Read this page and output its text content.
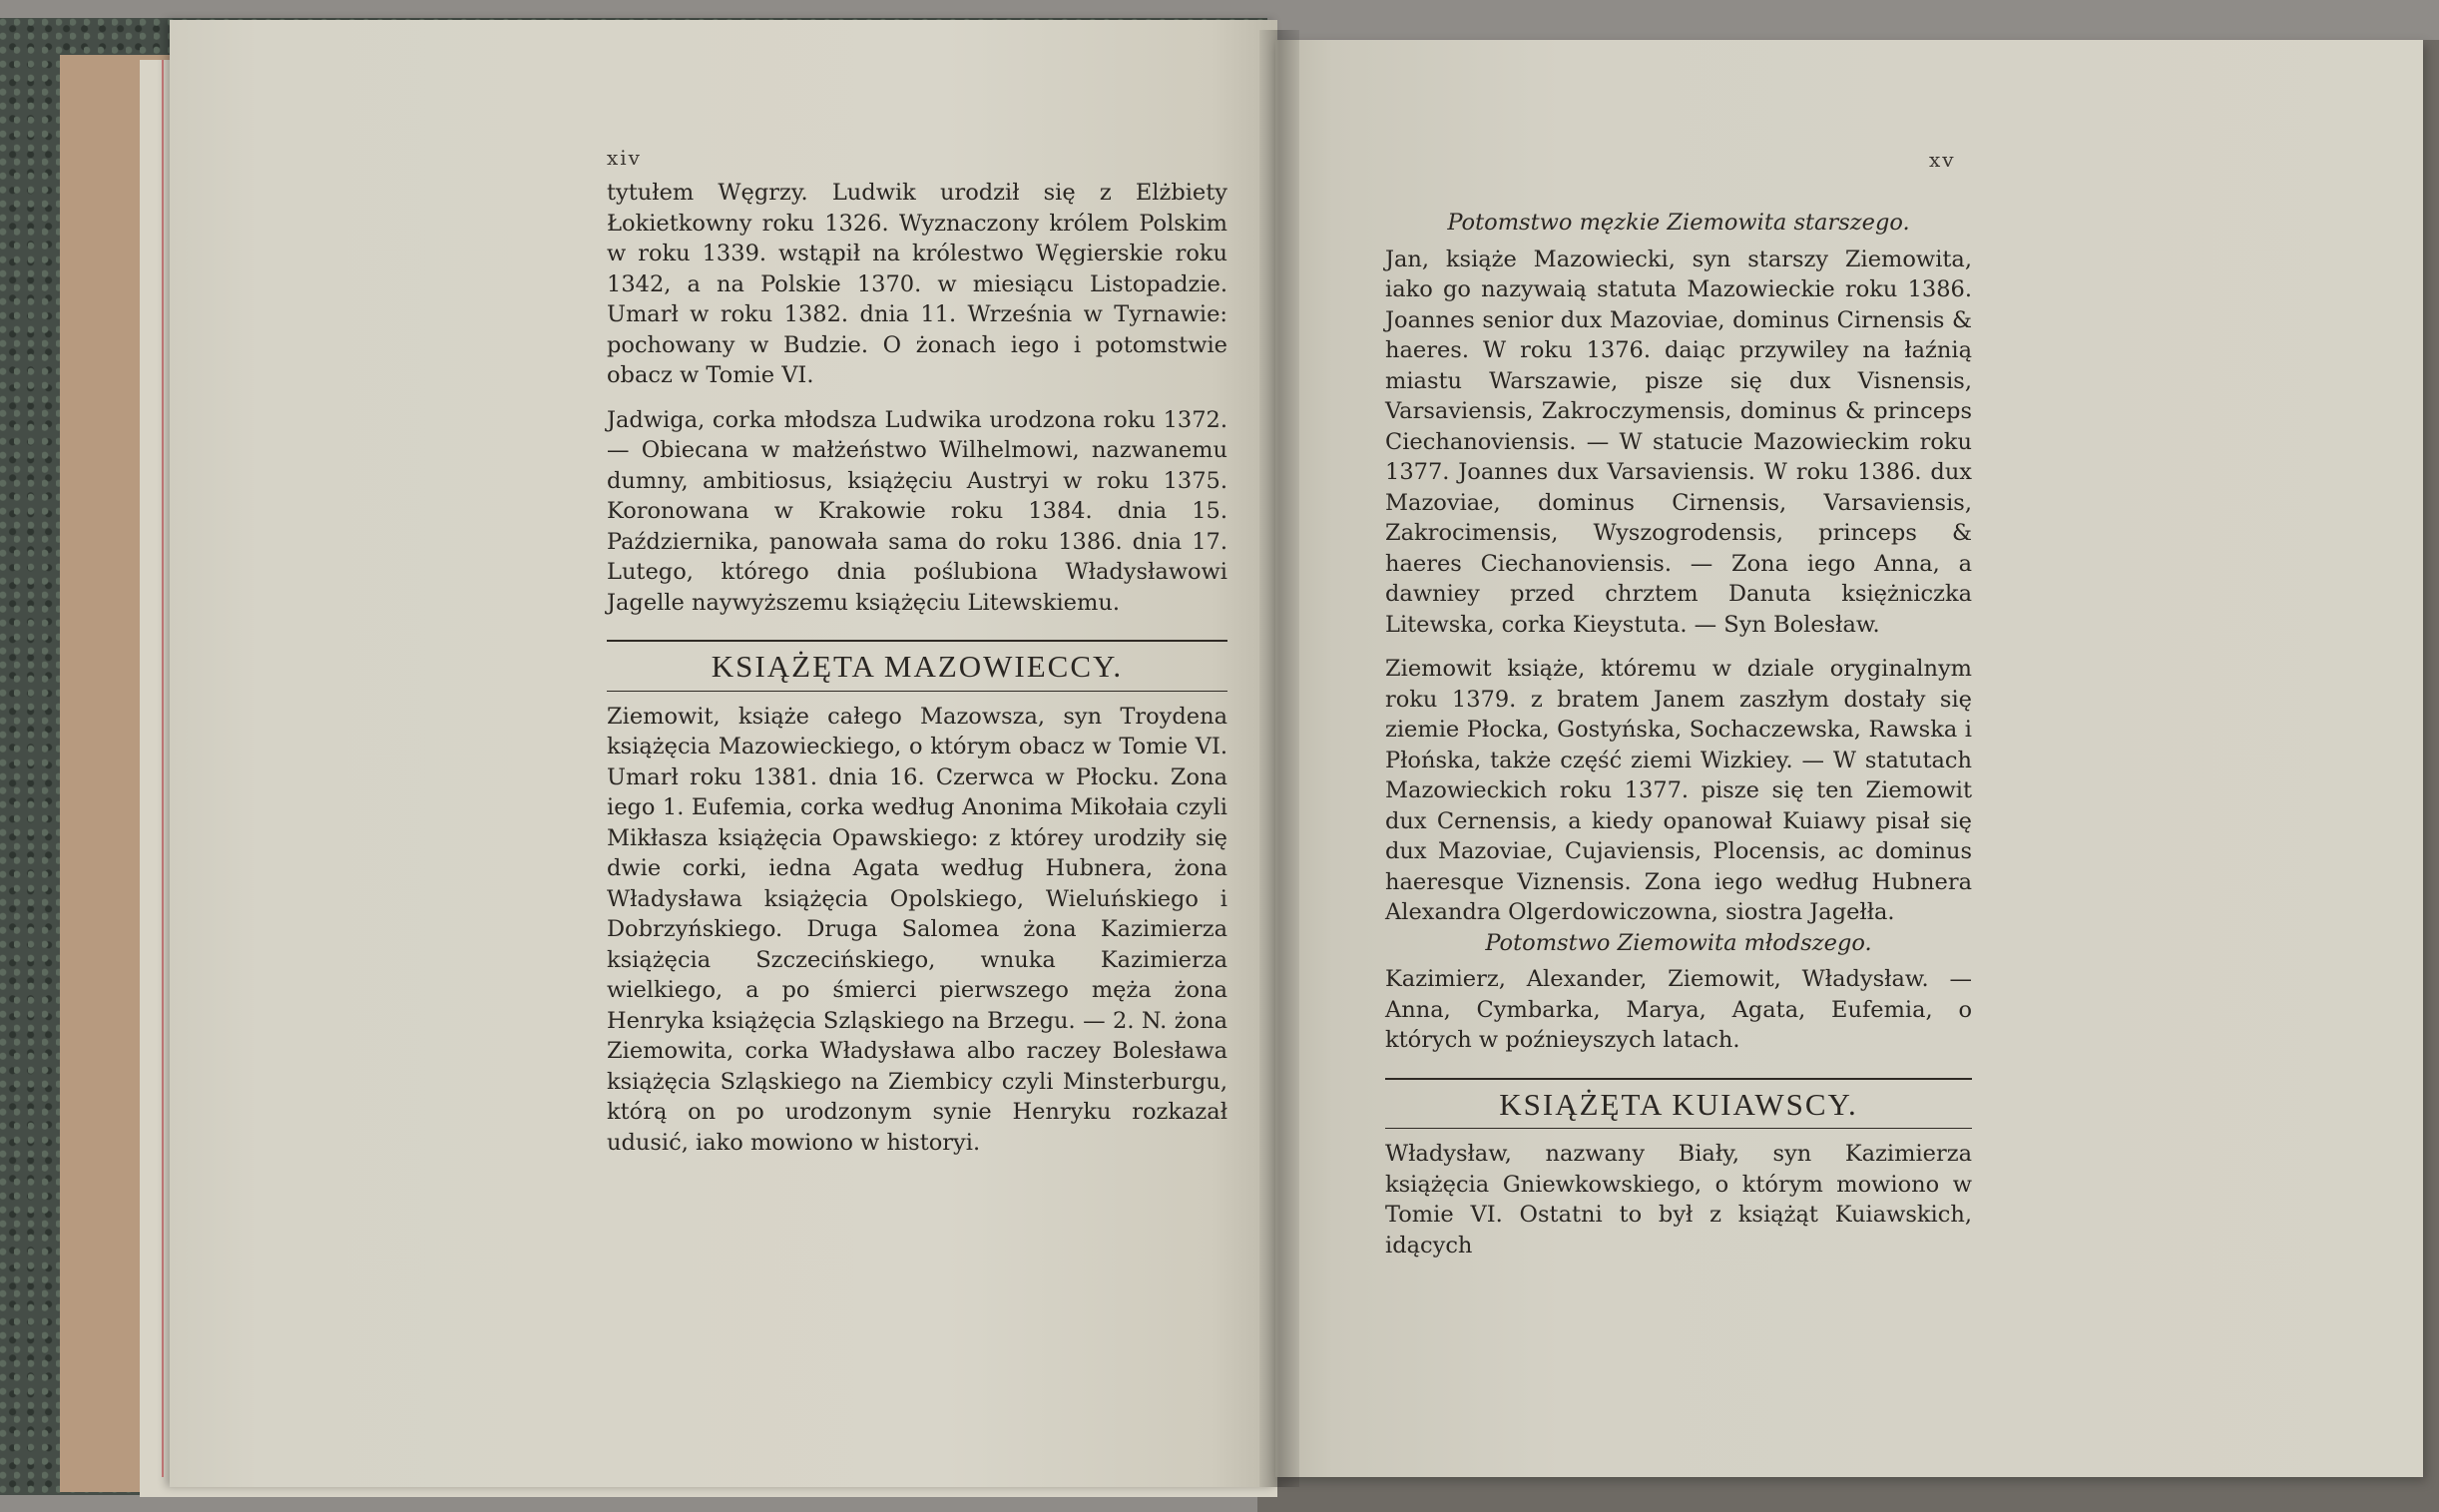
xiv	xv

tytułem Węgrzy. Ludwik urodził się z Elżbiety Łokietkowny roku 1326. Wyznaczony królem Polskim w roku 1339. wstąpił na królestwo Węgierskie roku 1342, a na Polskie 1370. w miesiącu Listopadzie. Umarł w roku 1382. dnia 11. Września w Tyrnawie: pochowany w Budzie. O żonach iego i potomstwie obacz w Tomie VI.

Jadwiga, corka młodsza Ludwika urodzona roku 1372. — Obiecana w małżeństwo Wilhelmowi, nazwanemu dumny, ambitiosus, książęciu Austryi w roku 1375. Koronowana w Krakowie roku 1384. dnia 15. Października, panowała sama do roku 1386. dnia 17. Lutego, którego dnia poślubiona Władysławowi Jagelle naywyższemu książęciu Litewskiemu.

KSIĄŻĘTA MAZOWIECCY.

Ziemowit, książe całego Mazowsza, syn Troydena książęcia Mazowieckiego, o którym obacz w Tomie VI. Umarł roku 1381. dnia 16. Czerwca w Płocku. Zona iego 1. Eufemia, corka według Anonima Mikołaia czyli Mikłaszа książęcia Opawskiego: z którey urodziły się dwie corki, iedna Agata według Hubnera, żona Władysława książęcia Opolskiego, Wieluńskiego i Dobrzyńskiego. Druga Salomea żona Kazimierza książęcia Szczecińskiego, wnuka Kazimierza wielkiego, a po śmierci pierwszego męża żona Henryka książęcia Szląskiego na Brzegu. — 2. N. żona Ziemowita, corka Władysława albo raczey Bolesława książęcia Szląskiego na Ziembicy czyli Minsterburgu, którą on po urodzonym synie Henryku rozkazał udusić, iako mowiono w historyi.

Potomstwo męzkie Ziemowita starszego.

Jan, książe Mazowiecki, syn starszy Ziemowita, iako go nazywaią statuta Mazowieckie roku 1386. Joannes senior dux Mazoviae, dominus Cirnensis & haeres. W roku 1376. daiąc przywiley na łaźnią miastu Warszawie, pisze się dux Visnensis, Varsaviensis, Zakroczymensis, dominus & princeps Ciechanoviensis. — W statucie Mazowieckim roku 1377. Joannes dux Varsaviensis. W roku 1386. dux Mazoviae, dominus Cirnensis, Varsaviensis, Zakrocimensis, Wyszogrodensis, princeps & haeres Ciechanoviensis. — Zona iego Anna, a dawniey przed chrztem Danuta księżniczka Litewska, corka Kieystuta. — Syn Bolesław.

Ziemowit książe, któremu w dziale oryginalnym roku 1379. z bratem Janem zaszłym dostały się ziemie Płocka, Gostyńska, Sochaczewska, Rawska i Płońska, także część ziemi Wizkiey. — W statutach Mazowieckich roku 1377. pisze się ten Ziemowit dux Cernensis, a kiedy opanował Kuiawy pisał się dux Mazoviae, Cujaviensis, Plocensis, ac dominus haeresque Viznensis. Zona iego według Hubnera Alexandra Olgerdowiczowna, siostra Jagełła.

Potomstwo Ziemowita młodszego.

Kazimierz, Alexander, Ziemowit, Władysław. — Anna, Cymbarka, Marya, Agata, Eufemia, o których w poźnieyszych latach.

KSIĄŻĘTA KUIAWSCY.

Władysław, nazwany Biały, syn Kazimierza książęcia Gniewkowskiego, o którym mowiono w Tomie VI. Ostatni to był z książąt Kuiawskich, idących
